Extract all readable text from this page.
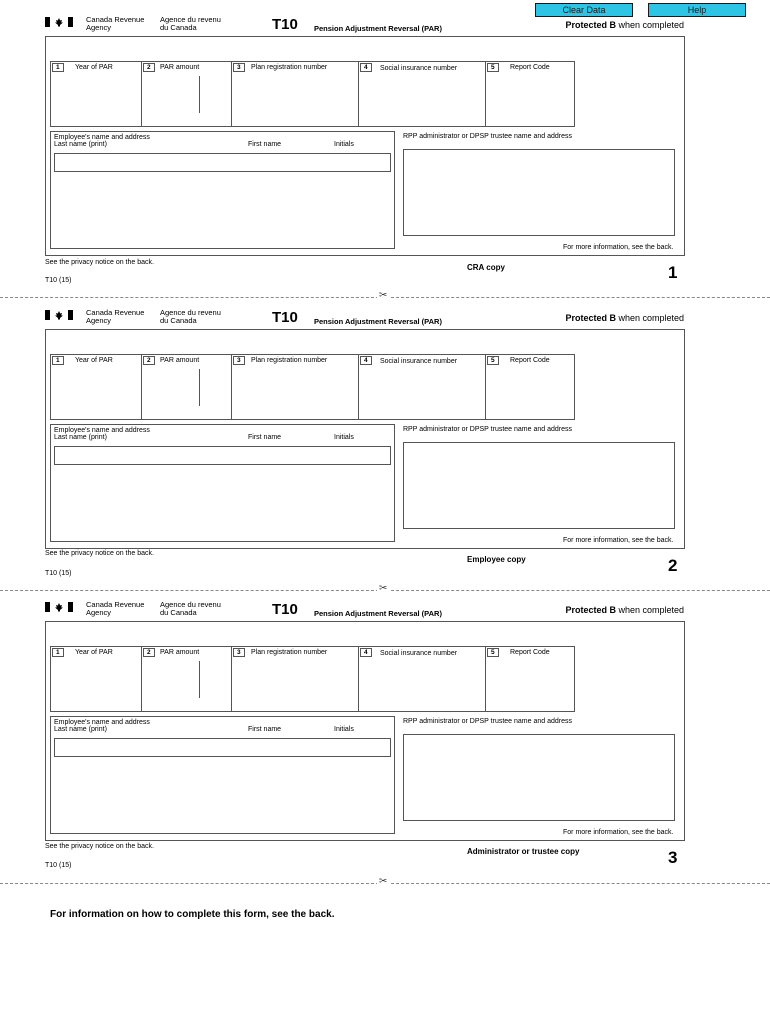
Clear Data	Help
Canada Revenue
Agency
Agence du revenu
du Canada	T10 Pension Adjustment Reversal (PAR)	Protected B when completed
1	Year of PAR	2	PAR amount	3	Plan registration number	4	Social insurance number	5	Report Code
Employee's name and address
Last name (print)	First name	Initials
RPP administrator or DPSP trustee name and address
For more information, see the back.
See the privacy notice on the back.
T10 (15)
CRA copy	1
✂
Canada Revenue
Agency
Agence du revenu
du Canada	T10 Pension Adjustment Reversal (PAR)	Protected B when completed
1	Year of PAR	2	PAR amount	3	Plan registration number	4	Social insurance number	5	Report Code
Employee's name and address
Last name (print)	First name	Initials
RPP administrator or DPSP trustee name and address
For more information, see the back.
See the privacy notice on the back.
T10 (15)
Employee copy	2
✂
Canada Revenue
Agency
Agence du revenu
du Canada	T10 Pension Adjustment Reversal (PAR)	Protected B when completed
1	Year of PAR	2	PAR amount	3	Plan registration number	4	Social insurance number	5	Report Code
Employee's name and address
Last name (print)	First name	Initials
RPP administrator or DPSP trustee name and address
For more information, see the back.
See the privacy notice on the back.
T10 (15)
Administrator or trustee copy	3
✂
For information on how to complete this form, see the back.
